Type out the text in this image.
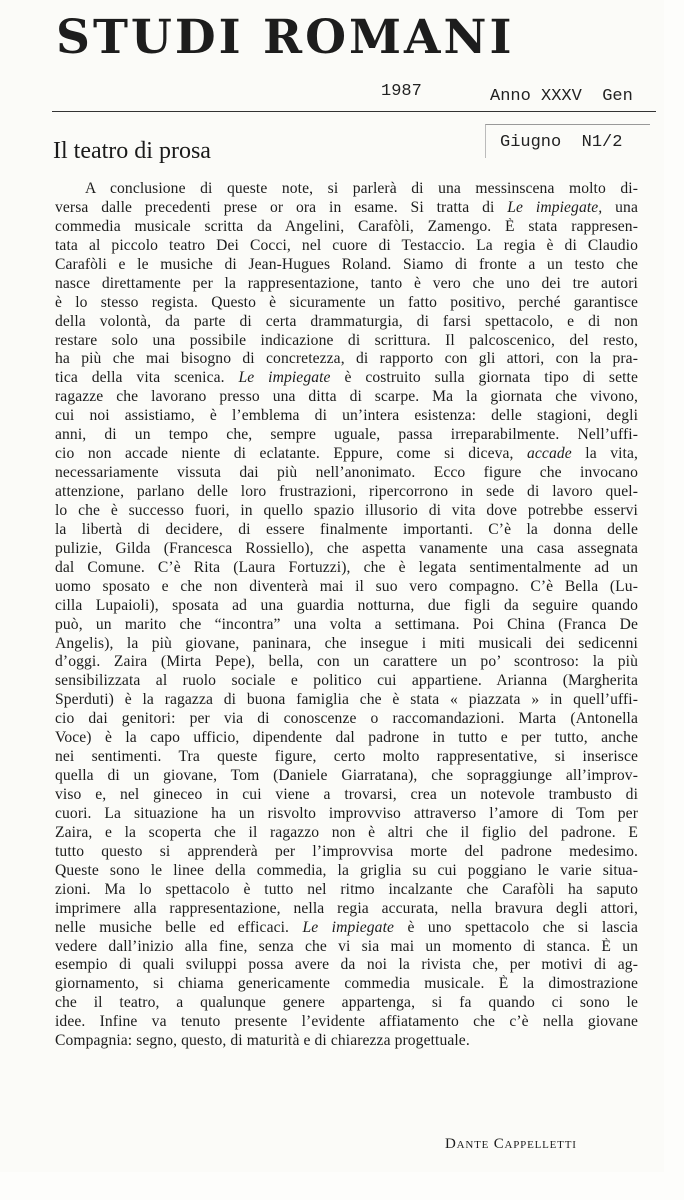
STUDI ROMANI
1987	Anno XXXV  Gen
Il teatro di prosa	Giugno  N1/2
A conclusione di queste note, si parlerà di una messinscena molto di-
versa dalle precedenti prese or ora in esame. Si tratta di Le impiegate, una
commedia musicale scritta da Angelini, Carafòli, Zamengo. È stata rappresen-
tata al piccolo teatro Dei Cocci, nel cuore di Testaccio. La regia è di Claudio
Carafòli e le musiche di Jean-Hugues Roland. Siamo di fronte a un testo che
nasce direttamente per la rappresentazione, tanto è vero che uno dei tre autori
è lo stesso regista. Questo è sicuramente un fatto positivo, perché garantisce
della volontà, da parte di certa drammaturgia, di farsi spettacolo, e di non
restare solo una possibile indicazione di scrittura. Il palcoscenico, del resto,
ha più che mai bisogno di concretezza, di rapporto con gli attori, con la pra-
tica della vita scenica. Le impiegate è costruito sulla giornata tipo di sette
ragazze che lavorano presso una ditta di scarpe. Ma la giornata che vivono,
cui noi assistiamo, è l’emblema di un’intera esistenza: delle stagioni, degli
anni, di un tempo che, sempre uguale, passa irreparabilmente. Nell’uffi-
cio non accade niente di eclatante. Eppure, come si diceva, accade la vita,
necessariamente vissuta dai più nell’anonimato. Ecco figure che invocano
attenzione, parlano delle loro frustrazioni, ripercorrono in sede di lavoro quel-
lo che è successo fuori, in quello spazio illusorio di vita dove potrebbe esservi
la libertà di decidere, di essere finalmente importanti. C’è la donna delle
pulizie, Gilda (Francesca Rossiello), che aspetta vanamente una casa assegnata
dal Comune. C’è Rita (Laura Fortuzzi), che è legata sentimentalmente ad un
uomo sposato e che non diventerà mai il suo vero compagno. C’è Bella (Lu-
cilla Lupaioli), sposata ad una guardia notturna, due figli da seguire quando
può, un marito che “incontra” una volta a settimana. Poi China (Franca De
Angelis), la più giovane, paninara, che insegue i miti musicali dei sedicenni
d’oggi. Zaira (Mirta Pepe), bella, con un carattere un po’ scontroso: la più
sensibilizzata al ruolo sociale e politico cui appartiene. Arianna (Margherita
Sperduti) è la ragazza di buona famiglia che è stata « piazzata » in quell’uffi-
cio dai genitori: per via di conoscenze o raccomandazioni. Marta (Antonella
Voce) è la capo ufficio, dipendente dal padrone in tutto e per tutto, anche
nei sentimenti. Tra queste figure, certo molto rappresentative, si inserisce
quella di un giovane, Tom (Daniele Giarratana), che sopraggiunge all’improv-
viso e, nel gineceo in cui viene a trovarsi, crea un notevole trambusto di
cuori. La situazione ha un risvolto improvviso attraverso l’amore di Tom per
Zaira, e la scoperta che il ragazzo non è altri che il figlio del padrone. E
tutto questo si apprenderà per l’improvvisa morte del padrone medesimo.
Queste sono le linee della commedia, la griglia su cui poggiano le varie situa-
zioni. Ma lo spettacolo è tutto nel ritmo incalzante che Carafòli ha saputo
imprimere alla rappresentazione, nella regia accurata, nella bravura degli attori,
nelle musiche belle ed efficaci. Le impiegate è uno spettacolo che si lascia
vedere dall’inizio alla fine, senza che vi sia mai un momento di stanca. È un
esempio di quali sviluppi possa avere da noi la rivista che, per motivi di ag-
giornamento, si chiama genericamente commedia musicale. È la dimostrazione
che il teatro, a qualunque genere appartenga, si fa quando ci sono le
idee. Infine va tenuto presente l’evidente affiatamento che c’è nella giovane
Compagnia: segno, questo, di maturità e di chiarezza progettuale.
Dante Cappelletti
